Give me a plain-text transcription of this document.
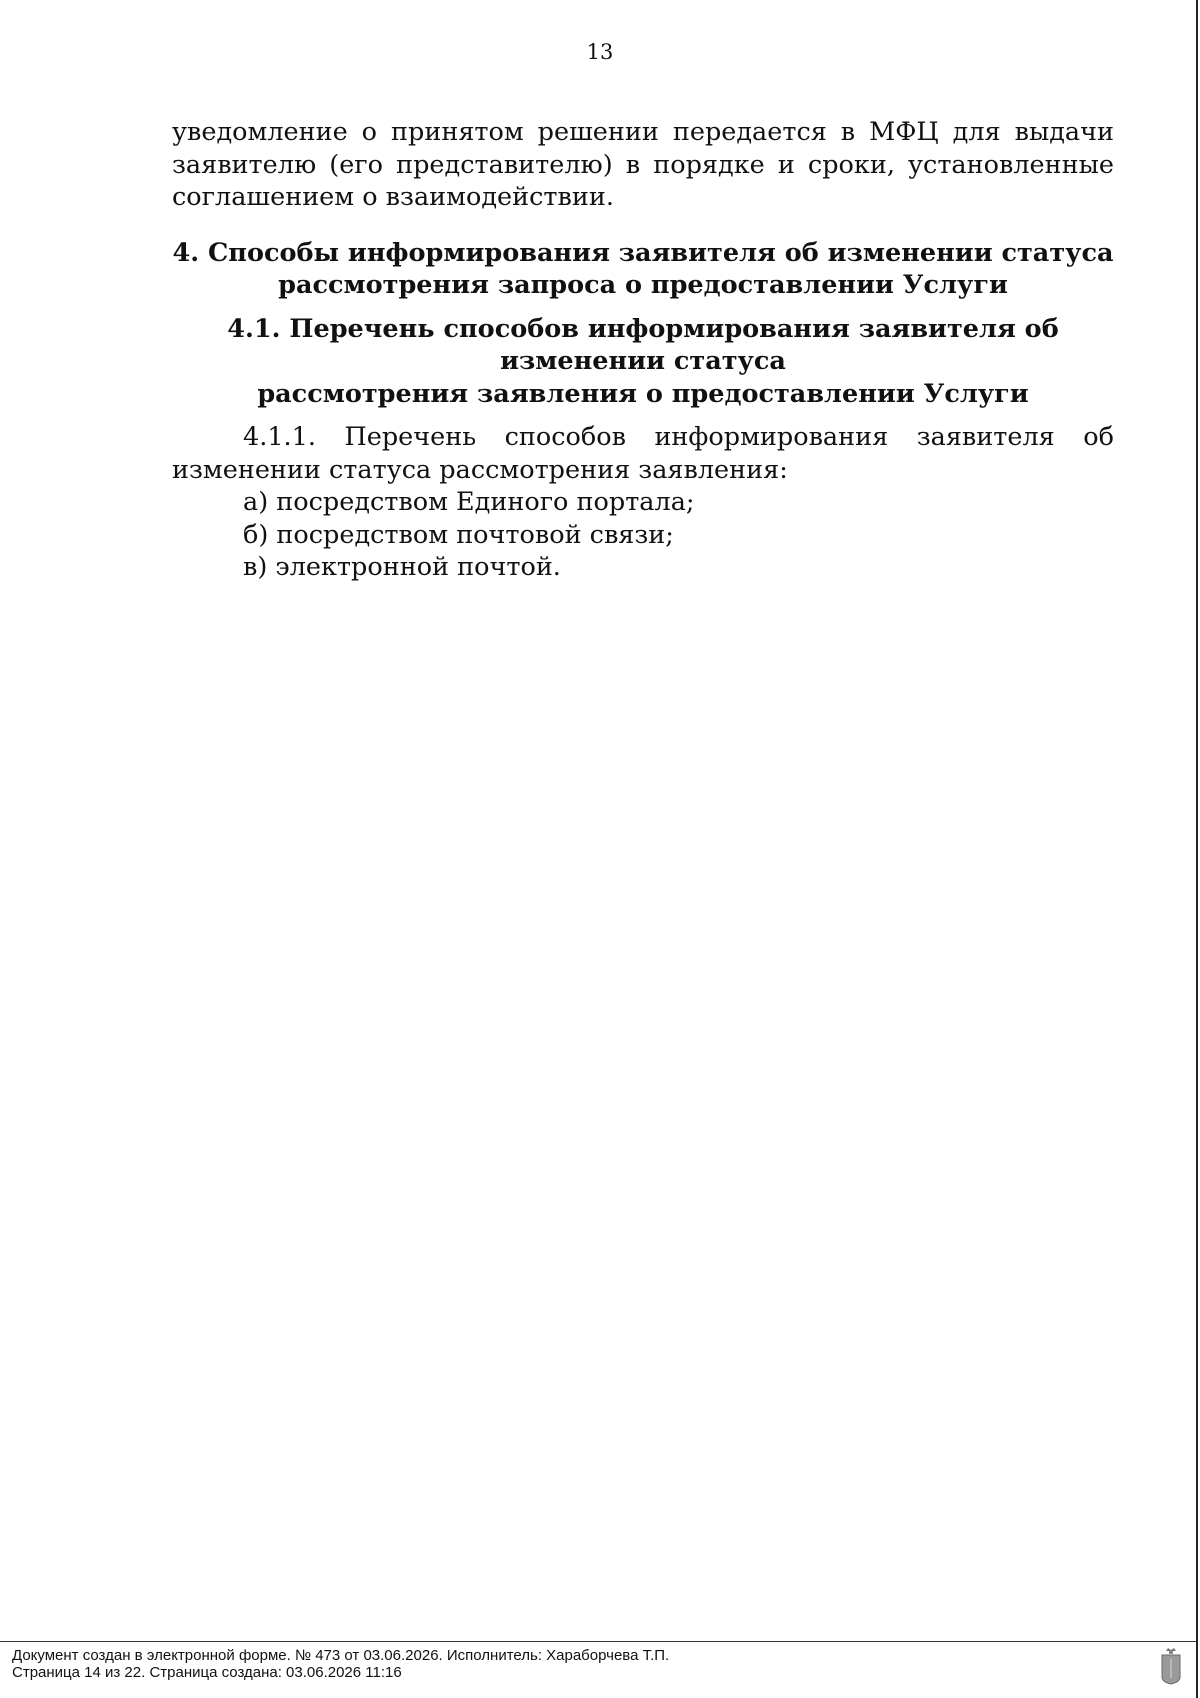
13

уведомление о принятом решении передается в МФЦ для выдачи заявителю (его представителю) в порядке и сроки, установленные соглашением о взаимодействии.

4. Способы информирования заявителя об изменении статуса
рассмотрения запроса о предоставлении Услуги
4.1. Перечень способов информирования заявителя об изменении статуса
рассмотрения заявления о предоставлении Услуги

4.1.1. Перечень способов информирования заявителя об изменении статуса рассмотрения заявления:

а) посредством Единого портала;

б) посредством почтовой связи;

в) электронной почтой.

Документ создан в электронной форме. № 473 от 03.06.2026. Исполнитель: Хараборчева Т.П.
Страница 14 из 22. Страница создана: 03.06.2026 11:16
